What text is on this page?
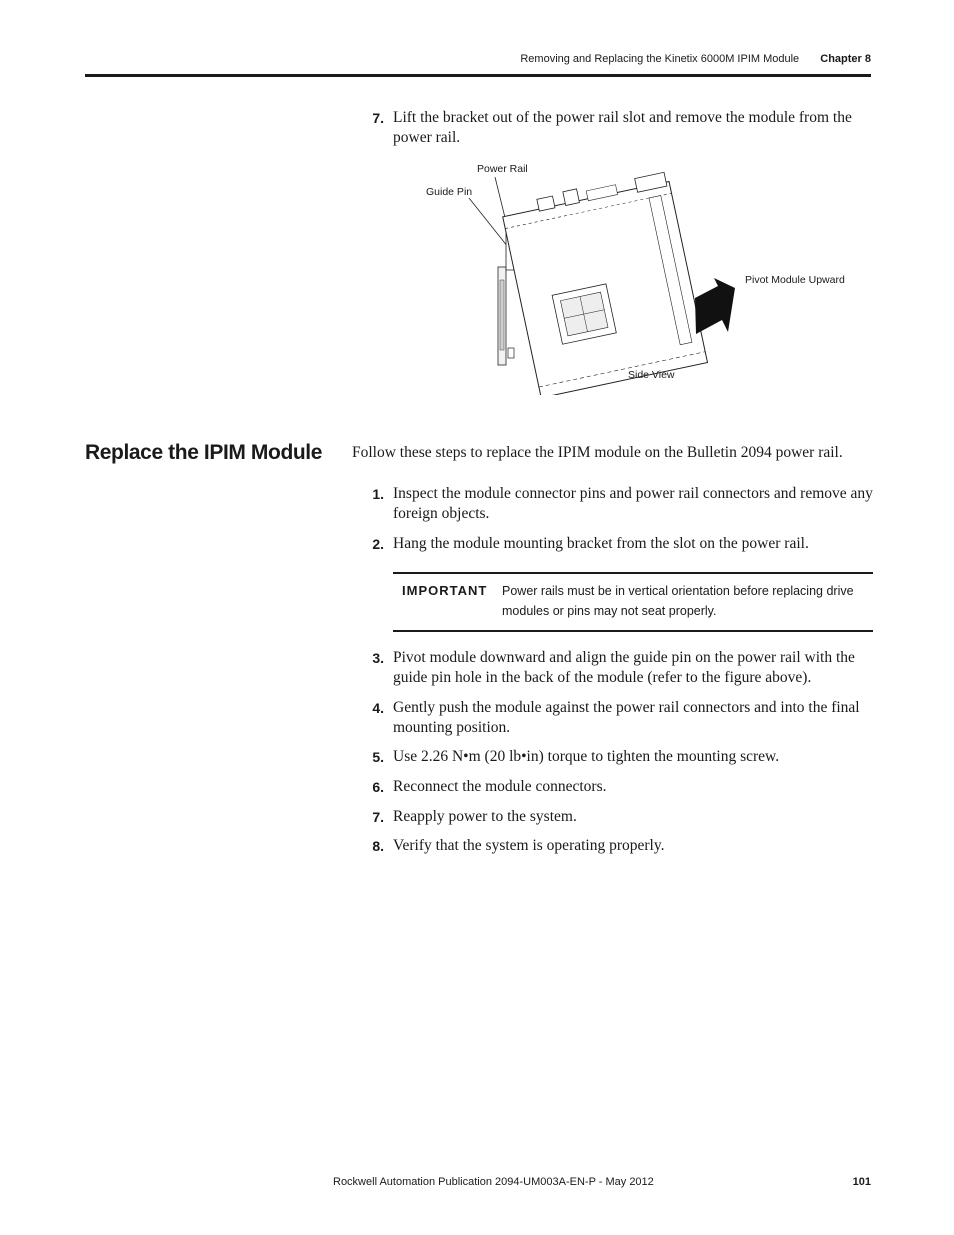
Removing and Replacing the Kinetix 6000M IPIM Module Chapter 8
7. Lift the bracket out of the power rail slot and remove the module from the power rail.
Power Rail
Guide Pin
Pivot Module Upward
Side View
Replace the IPIM Module Follow these steps to replace the IPIM module on the Bulletin 2094 power rail.
1. Inspect the module connector pins and power rail connectors and remove any foreign objects.
2. Hang the module mounting bracket from the slot on the power rail.
IMPORTANT Power rails must be in vertical orientation before replacing drive modules or pins may not seat properly.
3. Pivot module downward and align the guide pin on the power rail with the guide pin hole in the back of the module (refer to the figure above).
4. Gently push the module against the power rail connectors and into the final mounting position.
5. Use 2.26 N•m (20 lb•in) torque to tighten the mounting screw.
6. Reconnect the module connectors.
7. Reapply power to the system.
8. Verify that the system is operating properly.
Rockwell Automation Publication 2094-UM003A-EN-P - May 2012	101
